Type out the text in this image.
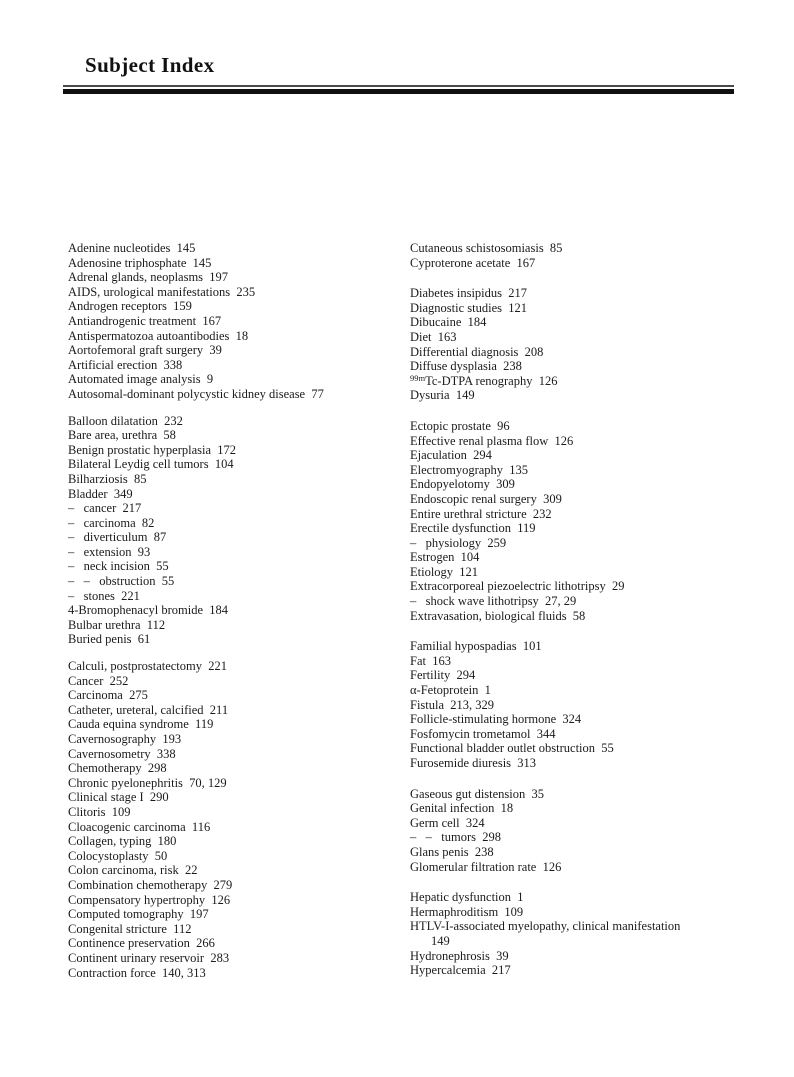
Subject Index
Adenine nucleotides  145
Adenosine triphosphate  145
Adrenal glands, neoplasms  197
AIDS, urological manifestations  235
Androgen receptors  159
Antiandrogenic treatment  167
Antispermatozoa autoantibodies  18
Aortofemoral graft surgery  39
Artificial erection  338
Automated image analysis  9
Autosomal-dominant polycystic kidney disease  77
Balloon dilatation  232
Bare area, urethra  58
Benign prostatic hyperplasia  172
Bilateral Leydig cell tumors  104
Bilharziosis  85
Bladder  349
–   cancer  217
–   carcinoma  82
–   diverticulum  87
–   extension  93
–   neck incision  55
–   –   obstruction  55
–   stones  221
4-Bromophenacyl bromide  184
Bulbar urethra  112
Buried penis  61
Calculi, postprostatectomy  221
Cancer  252
Carcinoma  275
Catheter, ureteral, calcified  211
Cauda equina syndrome  119
Cavernosography  193
Cavernosometry  338
Chemotherapy  298
Chronic pyelonephritis  70, 129
Clinical stage I  290
Clitoris  109
Cloacogenic carcinoma  116
Collagen, typing  180
Colocystoplasty  50
Colon carcinoma, risk  22
Combination chemotherapy  279
Compensatory hypertrophy  126
Computed tomography  197
Congenital stricture  112
Continence preservation  266
Continent urinary reservoir  283
Contraction force  140, 313
Cutaneous schistosomiasis  85
Cyproterone acetate  167
Diabetes insipidus  217
Diagnostic studies  121
Dibucaine  184
Diet  163
Differential diagnosis  208
Diffuse dysplasia  238
$^{99m}$Tc-DTPA renography  126
Dysuria  149
Ectopic prostate  96
Effective renal plasma flow  126
Ejaculation  294
Electromyography  135
Endopyelotomy  309
Endoscopic renal surgery  309
Entire urethral stricture  232
Erectile dysfunction  119
–   physiology  259
Estrogen  104
Etiology  121
Extracorporeal piezoelectric lithotripsy  29
–   shock wave lithotripsy  27, 29
Extravasation, biological fluids  58
Familial hypospadias  101
Fat  163
Fertility  294
α-Fetoprotein  1
Fistula  213, 329
Follicle-stimulating hormone  324
Fosfomycin trometamol  344
Functional bladder outlet obstruction  55
Furosemide diuresis  313
Gaseous gut distension  35
Genital infection  18
Germ cell  324
–   –   tumors  298
Glans penis  238
Glomerular filtration rate  126
Hepatic dysfunction  1
Hermaphroditism  109
HTLV-I-associated myelopathy, clinical manifestation
149
Hydronephrosis  39
Hypercalcemia  217
